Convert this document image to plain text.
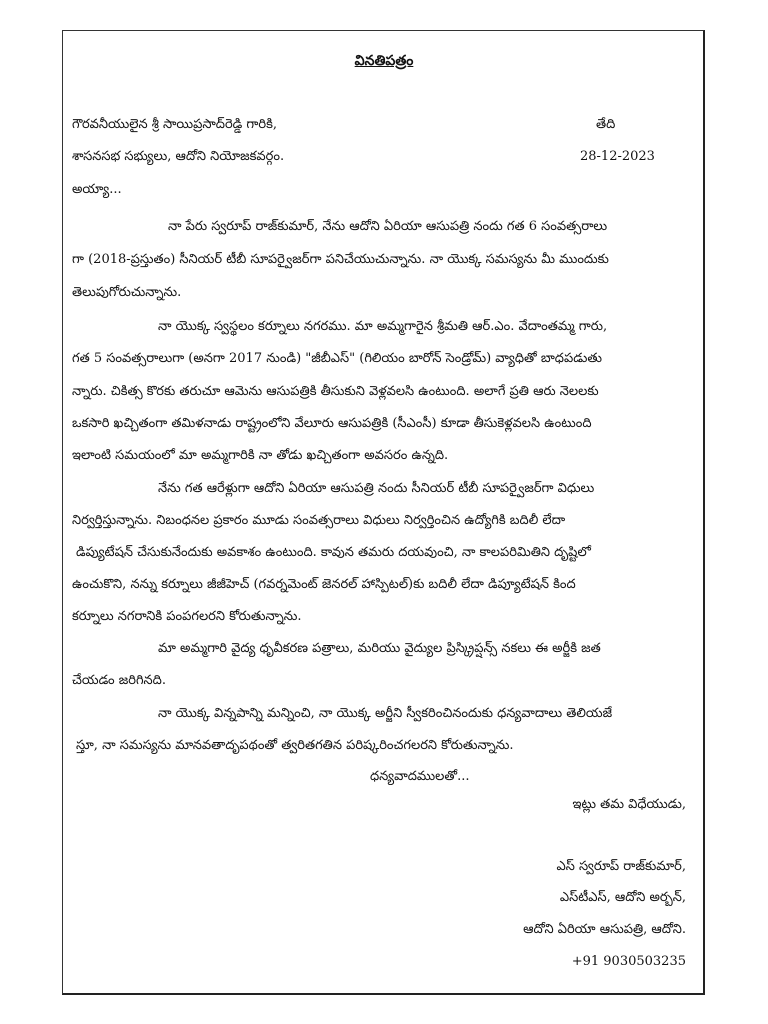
వినతిపత్రం
గౌరవనీయులైన శ్రీ సాయిప్రసాద్‌రెడ్డి గారికి,	తేది
శాసనసభ సభ్యులు, ఆదోని నియోజకవర్గం.	28-12-2023
అయ్యా...
నా పేరు స్వరూప్ రాజ్‌కుమార్, నేను ఆదోని ఏరియా ఆసుపత్రి నందు గత 6 సంవత్సరాలు
గా (2018-ప్రస్తుతం) సీనియర్ టీబీ సూపర్వైజర్‌గా పనిచేయుచున్నాను. నా యొక్క సమస్యను మీ ముందుకు
తెలుపుగోరుచున్నాను.
నా యొక్క స్వస్థలం కర్నూలు నగరము. మా అమ్మగారైన శ్రీమతి ఆర్.ఎం. వేదాంతమ్మ గారు,
గత 5 సంవత్సరాలుగా (అనగా 2017 నుండి) "జీబీఎస్" (గిలియం బారోన్ సెండ్రోమ్) వ్యాధితో బాధపడుతు
న్నారు. చికిత్స కొరకు తరుచూ ఆమెను ఆసుపత్రికి తీసుకుని వెళ్లవలసి ఉంటుంది. అలాగే ప్రతి ఆరు నెలలకు
ఒకసారి ఖచ్చితంగా తమిళనాడు రాష్ట్రంలోని వేలూరు ఆసుపత్రికి (సీఎంసీ) కూడా తీసుకెళ్లవలసి ఉంటుంది
ఇలాంటి సమయంలో మా అమ్మగారికి నా తోడు ఖచ్చితంగా అవసరం ఉన్నది.
నేను గత ఆరేళ్లుగా ఆదోని ఏరియా ఆసుపత్రి నందు సీనియర్ టీబీ సూపర్వైజర్‌గా విధులు
నిర్వర్తిస్తున్నాను. నిబంధనల ప్రకారం మూడు సంవత్సరాలు విధులు నిర్వర్తించిన ఉద్యోగికి బదిలీ లేదా
డిప్యుటేషన్ చేసుకునేందుకు అవకాశం ఉంటుంది. కావున తమరు దయవుంచి, నా కాలపరిమితిని దృష్టిలో
ఉంచుకొని, నన్ను కర్నూలు జీజీహెచ్ (గవర్నమెంట్ జెనరల్ హాస్పిటల్)కు బదిలీ లేదా డిప్యూటేషన్ కింద
కర్నూలు నగరానికి పంపగలరని కోరుతున్నాను.
మా అమ్మగారి వైద్య ధృవీకరణ పత్రాలు, మరియు వైద్యుల ప్రిస్క్రిప్షన్స్ నకలు ఈ అర్జీకి జత
చేయడం జరిగినది.
నా యొక్క విన్నపాన్ని మన్నించి, నా యొక్క అర్జీని స్వీకరించినందుకు ధన్యవాదాలు తెలియజే
స్తూ, నా సమస్యను మానవతాదృపథంతో త్వరితగతిన పరిష్కరించగలరని కోరుతున్నాను.
ధన్యవాదములతో...
ఇట్లు తమ విధేయుడు,
ఎస్ స్వరూప్ రాజ్‌కుమార్,
ఎస్‌టీఎస్, ఆదోని అర్బన్,
ఆదోని ఏరియా ఆసుపత్రి, ఆదోని.
+91 9030503235
